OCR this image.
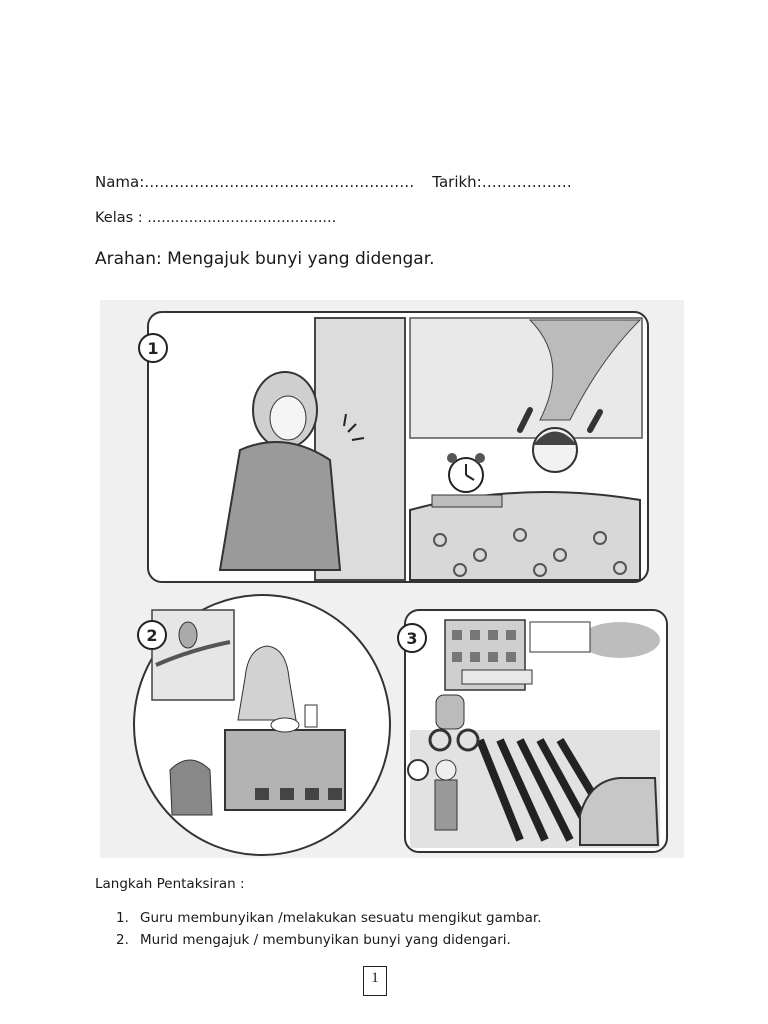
Nama:……………………………………………… Tarikh:………………
Kelas : .........................................
Arahan: Mengajuk bunyi yang didengar.
1
2	3
Langkah Pentaksiran :
1. Guru membunyikan /melakukan sesuatu mengikut gambar.
2. Murid mengajuk / membunyikan bunyi yang didengari.
1
